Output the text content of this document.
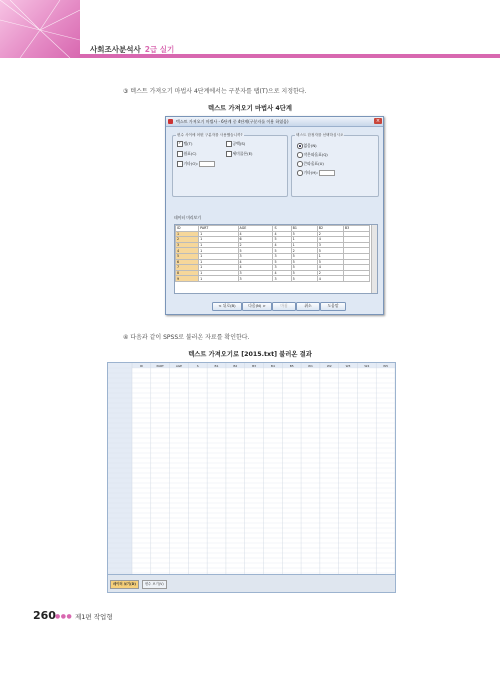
사회조사분석사 2급 실기
③ 텍스트 가져오기 마법사 4단계에서는 구분자를 탭(T)으로 지정한다.
텍스트 가져오기 마법사 4단계
텍스트 가져오기 마법사 - 6단계 중 4단계(구분자를 이용 하였음)	×
변수 사이에 어떤 구분자를 사용했습니까?
✓ 탭(T)	공백(S)
쉼표(C)	세미콜론(E)
기타(O):
텍스트 한정자를 선택하십시오
없음(N)
작은따옴표(Q)
큰따옴표(U)
기타(H):
데이터 미리보기
< 뒤로(B)	다음(N) >	마침	취소	도움말
ID	PART	AGE	S	B1	B2	B3
1	1	4	4	5	2	
2	1	6	5	1	4	
3	1	2	4	1	3	
4	1	5	5	2	5	
5	1	3	3	5	1	
6	1	4	5	5	5	
7	1	4	3	5	4	
8	1	3	4	5	2	
9	1	3	3	5	4	
④ 다음과 같이 SPSS로 불러온 자료를 확인한다.
텍스트 가져오기로 [2015.txt] 불러온 결과
ID	PART	AGE	S	B1	B2	B3	B4	B5	W1	W2	W3	W4	W5
데이터 보기(D)	변수 보기(V)
260 ●●● 제1편 작업형
